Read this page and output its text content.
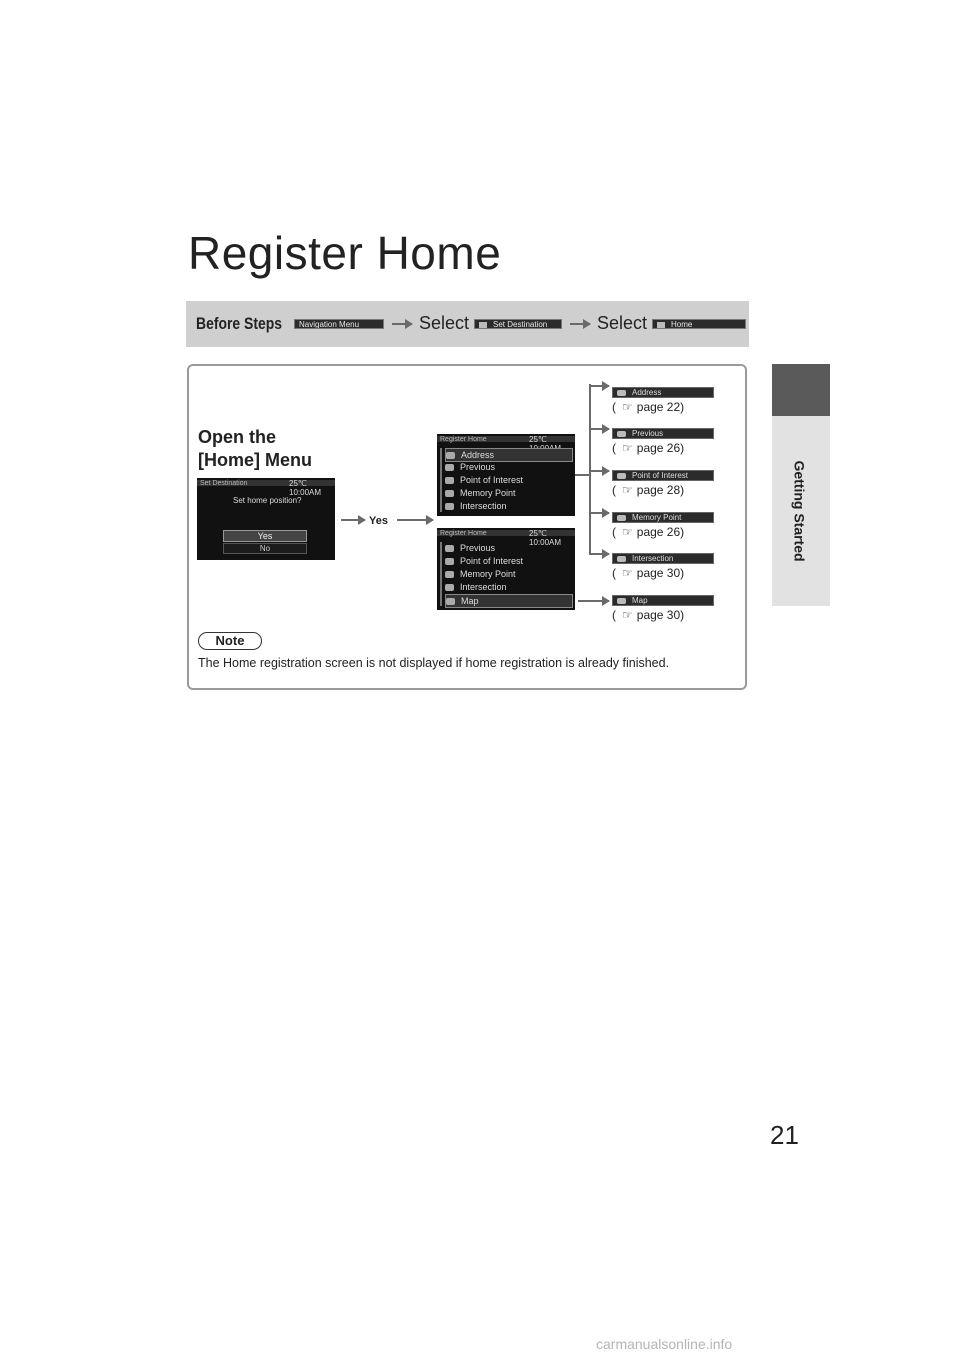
Getting Started
Register Home
Before Steps	Navigation Menu	Select	Set Destination	Select	Home
Open the
[Home] Menu
Set Destination	25℃ 10:00AM
Set home position?
Yes
No
Yes
Register Home	25℃
Address
Previous
Point of Interest
Memory Point
Intersection
Register Home	25℃ 10:00AM
Previous
Point of Interest
Memory Point
Intersection
Map
Address
( ☞ page 22)
Previous
( ☞ page 26)
Point of Interest
( ☞ page 28)
Memory Point
( ☞ page 26)
Intersection
( ☞ page 30)
Map
( ☞ page 30)
Note
The Home registration screen is not displayed if home registration is already finished.
21
carmanualsonline.info
